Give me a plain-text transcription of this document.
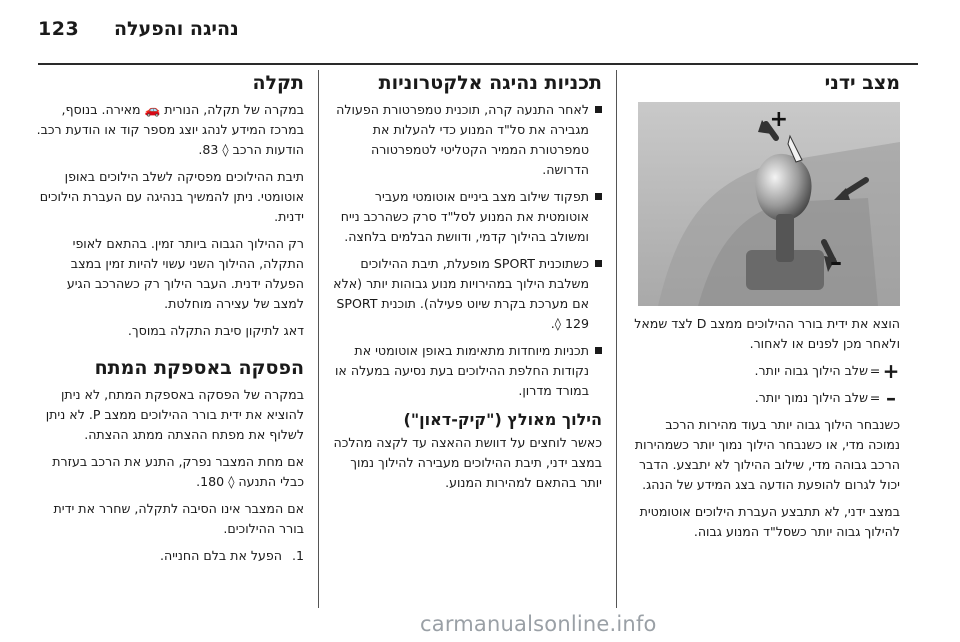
123 נהיגה והפעלה
מצב ידני
+
–

הוצא את ידית בורר ההילוכים ממצב D לצד שמאל ולאחר מכן לפנים או לאחור.

+
=
שלב הילוך גבוה יותר.
–
=
שלב הילוך נמוך יותר.

כשנבחר הילוך גבוה יותר בעוד מהירות הרכב נמוכה מדי, או כשנבחר הילוך נמוך יותר כשמהירות הרכב גבוהה מדי, שילוב ההילוך לא יתבצע. הדבר יכול לגרום להופעת הודעה בצג המידע של הנהג.

במצב ידני, לא תתבצע העברת הילוכים אוטומטית להילוך גבוה יותר כשסל"ד המנוע גבוה.

תכניות נהיגה אלקטרוניות
לאחר התנעה קרה, תוכנית טמפרטורת הפעולה מגבירה את סל"ד המנוע כדי להעלות את טמפרטורת הממיר הקטליטי לטמפרטורה הדרושה.
תפקוד שילוב מצב ביניים אוטומטי מעביר אוטומטית את המנוע לסל"ד סרק כשהרכב נייח ומשולב בהילוך קדמי, ודוושת הבלמים בלחצה.
כשתוכנית SPORT מופעלת, תיבת ההילוכים משלבת הילוך במהירויות מנוע גבוהות יותר (אלא אם מערכת בקרת שיוט פעילה). תוכנית SPORT ◊ 129.
תכניות מיוחדות מתאימות באופן אוטומטי את נקודות החלפת ההילוכים בעת נסיעה במעלה או במורד מדרון.
הילוך מאולץ ("קיק-דאון")

כאשר לוחצים על דוושת ההאצה עד לקצה מהלכה במצב ידני, תיבת ההילוכים מעבירה להילוך נמוך יותר בהתאם למהירות המנוע.

תקלה

במקרה של תקלה, הנורית 🚗 מאירה. בנוסף, במרכז המידע לנהג יוצג מספר קוד או הודעת רכב. הודעות הרכב ◊ 83.

תיבת ההילוכים מפסיקה לשלב הילוכים באופן אוטומטי. ניתן להמשיך בנהיגה עם העברת הילוכים ידנית.

רק ההילוך הגבוה ביותר זמין. בהתאם לאופי התקלה, ההילוך השני עשוי להיות זמין במצב הפעלה ידנית. העבר הילוך רק כשהרכב הגיע למצב של עצירה מוחלטת.

דאג לתיקון סיבת התקלה במוסך.

הפסקה באספקת המתח

במקרה של הפסקה באספקת המתח, לא ניתן להוציא את ידית בורר ההילוכים ממצב P. לא ניתן לשלוף את מפתח ההצתה ממתג ההצתה.

אם מחת המצבר נפרק, התנע את הרכב בעזרת כבלי התנעה ◊ 180.

אם המצבר אינו הסיבה לתקלה, שחרר את ידית בורר ההילוכים.

1.הפעל את בלם החנייה.
carmanualsonline.info
